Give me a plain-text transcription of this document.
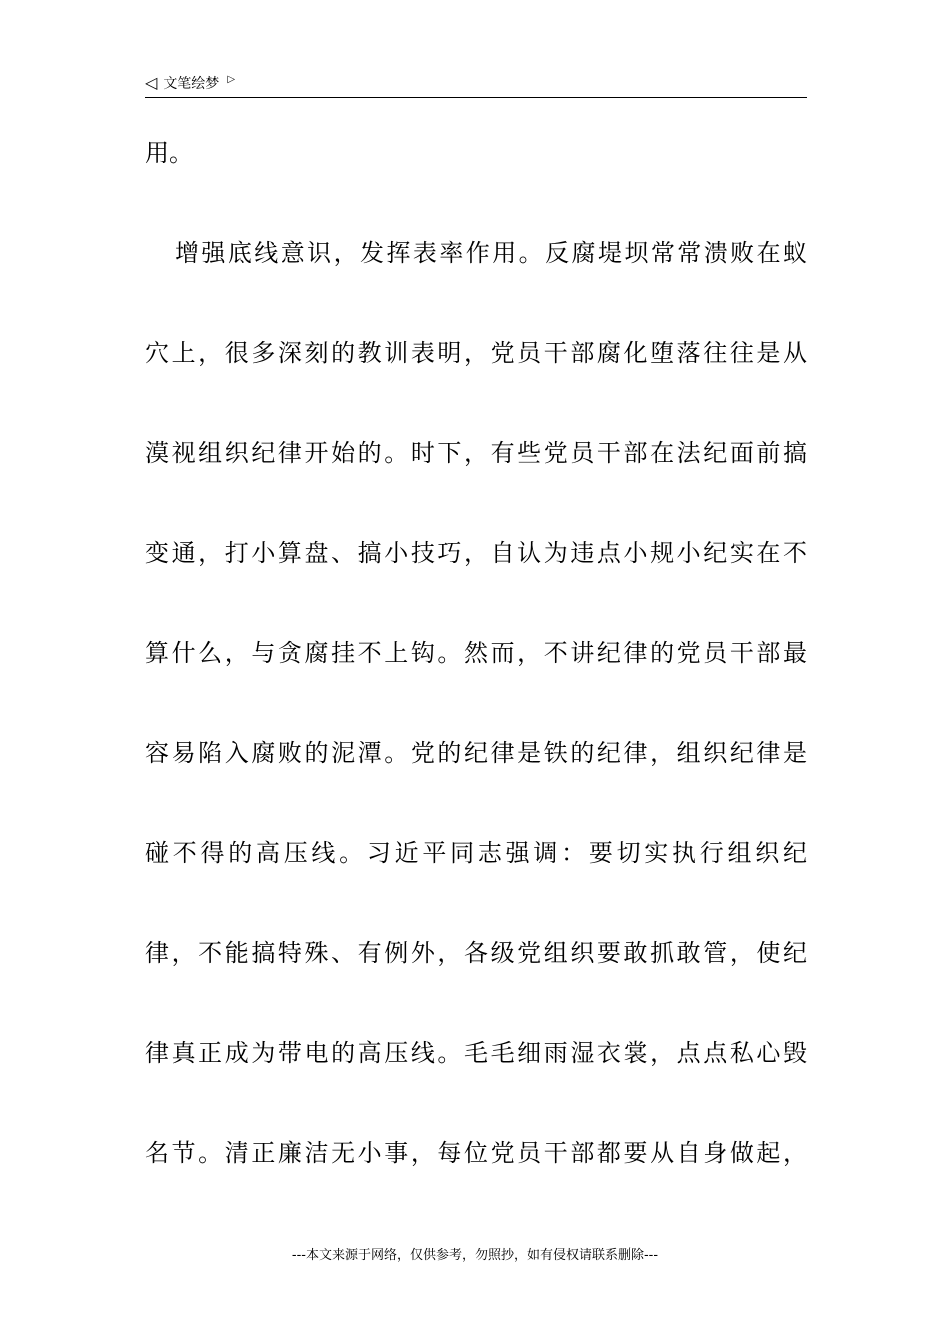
◁ 文笔绘梦 ▷
用。
增强底线意识，发挥表率作用。反腐堤坝常常溃败在蚁
穴上，很多深刻的教训表明，党员干部腐化堕落往往是从
漠视组织纪律开始的。时下，有些党员干部在法纪面前搞
变通，打小算盘、搞小技巧，自认为违点小规小纪实在不
算什么，与贪腐挂不上钩。然而，不讲纪律的党员干部最
容易陷入腐败的泥潭。党的纪律是铁的纪律，组织纪律是
碰不得的高压线。习近平同志强调：要切实执行组织纪
律，不能搞特殊、有例外，各级党组织要敢抓敢管，使纪
律真正成为带电的高压线。毛毛细雨湿衣裳，点点私心毁
名节。清正廉洁无小事，每位党员干部都要从自身做起，
---本文来源于网络，仅供参考，勿照抄，如有侵权请联系删除---
